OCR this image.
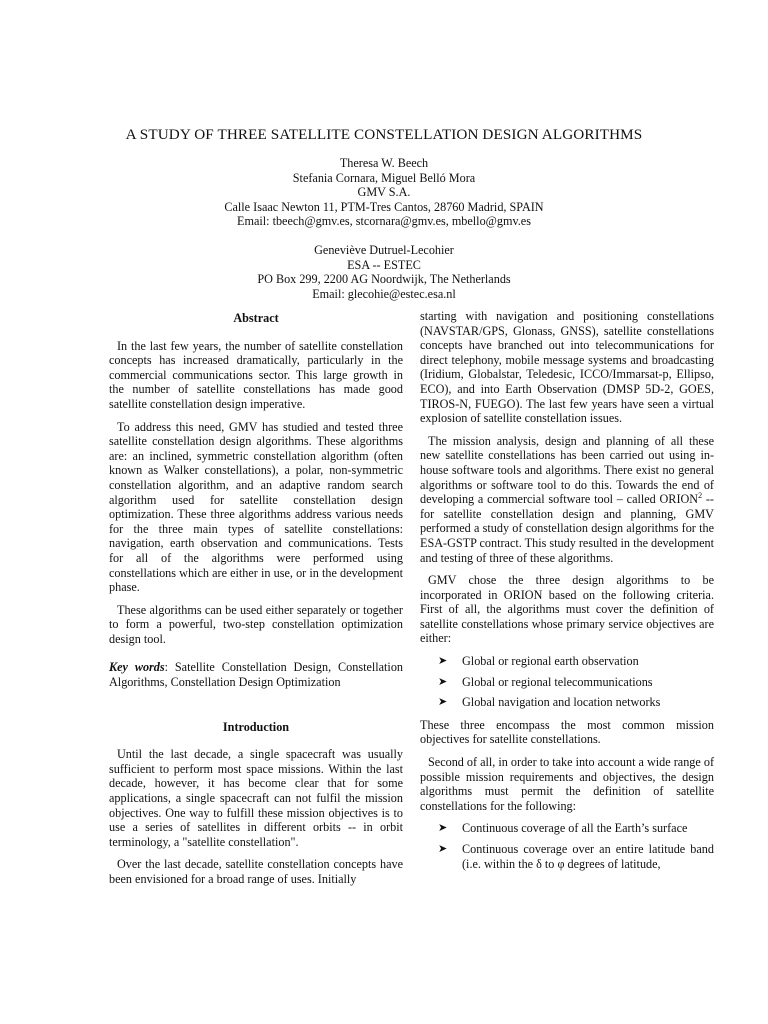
A STUDY OF THREE SATELLITE CONSTELLATION DESIGN ALGORITHMS
Theresa W. Beech
Stefania Cornara, Miguel Belló Mora
GMV S.A.
Calle Isaac Newton 11, PTM-Tres Cantos, 28760 Madrid, SPAIN
Email: tbeech@gmv.es, stcornara@gmv.es, mbello@gmv.es
Geneviève Dutruel-Lecohier
ESA -- ESTEC
PO Box 299, 2200 AG Noordwijk, The Netherlands
Email: glecohie@estec.esa.nl
Abstract

In the last few years, the number of satellite constellation concepts has increased dramatically, particularly in the commercial communications sector. This large growth in the number of satellite constellations has made good satellite constellation design imperative.

To address this need, GMV has studied and tested three satellite constellation design algorithms. These algorithms are: an inclined, symmetric constellation algorithm (often known as Walker constellations), a polar, non-symmetric constellation algorithm, and an adaptive random search algorithm used for satellite constellation design optimization. These three algorithms address various needs for the three main types of satellite constellations: navigation, earth observation and communications. Tests for all of the algorithms were performed using constellations which are either in use, or in the development phase.

These algorithms can be used either separately or together to form a powerful, two-step constellation optimization design tool.

Key words: Satellite Constellation Design, Constellation Algorithms, Constellation Design Optimization

Introduction

Until the last decade, a single spacecraft was usually sufficient to perform most space missions. Within the last decade, however, it has become clear that for some applications, a single spacecraft can not fulfil the mission objectives. One way to fulfill these mission objectives is to use a series of satellites in different orbits -- in orbit terminology, a "satellite constellation".

Over the last decade, satellite constellation concepts have been envisioned for a broad range of uses. Initially

starting with navigation and positioning constellations (NAVSTAR/GPS, Glonass, GNSS), satellite constellations concepts have branched out into telecommunications for direct telephony, mobile message systems and broadcasting (Iridium, Globalstar, Teledesic, ICCO/Immarsat-p, Ellipso, ECO), and into Earth Observation (DMSP 5D-2, GOES, TIROS-N, FUEGO). The last few years have seen a virtual explosion of satellite constellation issues.

The mission analysis, design and planning of all these new satellite constellations has been carried out using in-house software tools and algorithms. There exist no general algorithms or software tool to do this. Towards the end of developing a commercial software tool – called ORION$^2$ -- for satellite constellation design and planning, GMV performed a study of constellation design algorithms for the ESA-GSTP contract. This study resulted in the development and testing of three of these algorithms.

GMV chose the three design algorithms to be incorporated in ORION based on the following criteria. First of all, the algorithms must cover the definition of satellite constellations whose primary service objectives are either:

➤ Global or regional earth observation
➤ Global or regional telecommunications
➤ Global navigation and location networks

These three encompass the most common mission objectives for satellite constellations.

Second of all, in order to take into account a wide range of possible mission requirements and objectives, the design algorithms must permit the definition of satellite constellations for the following:

➤ Continuous coverage of all the Earth’s surface
➤ Continuous coverage over an entire latitude band (i.e. within the δ to φ degrees of latitude,
